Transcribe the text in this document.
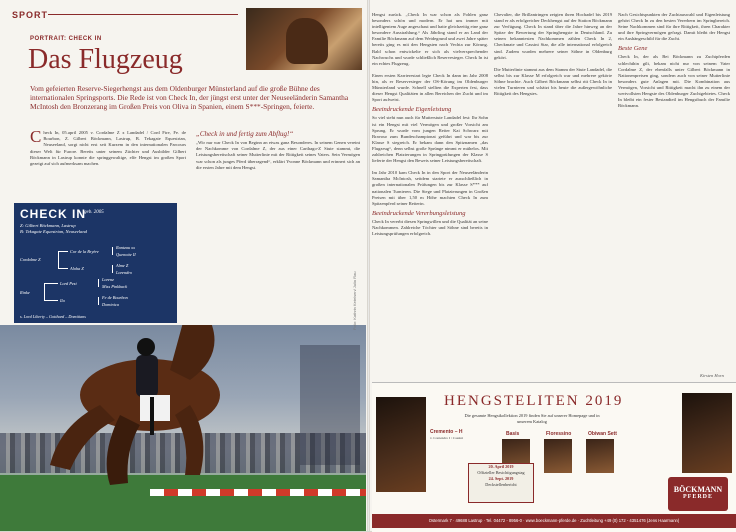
SPORT
PORTRAIT: CHECK IN
Das Flugzeug
Vom gefeierten Reserve-Siegerhengst aus dem Oldenburger Münsterland auf die große Bühne des internationalen Springsports. Die Rede ist von Check In, der jüngst erst unter der Neuseeländerin Samantha McIntosh den Bronzerang im Großen Preis von Oliva in Spanien, einem S***-Springen, feierte.
C heck In, 05.april 2005 v. Cordalme Z x Landadel / Cord Fire, Fe. de Bourbon, Z. Gilbert Böckmann, Lastrup, B. Tekagate Equestrian, Neuseeland, sorgt nicht erst seit Kurzem in den internationalen Parcours dieser Welt für Furore. Bereits unter seinem Züchter und Ausbilder Gilbert Böckmann in Lastrup konnte die springgewaltige, elfe Hengst im großen Sport gezeigt auf sich aufmerksam machen.
„Check in und fertig zum Abflug!“
„Wir nur war Check In von Beginn an etwas ganz Besonderes. In seinem Genen vereint der Nachkomme von Cordalme Z, der aus einer Carthago-Z Stute stammt, die Leistungsbereitschaft seiner Mutterlinie mit der Rittigkeit seines Vaters. Sein Vermögen war schon als junges Pferd überragend“, erklärt Yvonne Böckmann und erinnert sich an die ersten Jahre mit dem Hengst.
CHECK IN
geb. 2005
Z: Gilbert Böckmann, Lastrup
B: Tekagate Equestrian, Neuseeland
Cordalme Z
Cor de la Bryère
Rantzau xx
Quenotte II
Aloha Z
Alme Z
Lorendro
Rinke
Lord Pezi
Lorenz
Miss Pinkback
Ila
Fe de Bourbon
Dominica
s. Lord Liberty – Gotthard – Domitians	Foto: Kathrin Ketelsen/ Julia Rau
Hengst zurück. „Check In war schon als Fohlen ganz besonders schön und modern. Er hat uns immer mit intelligentem Auge angeschaut und hatte gleichzeitig eine ganz besondere Ausstrahlung.“ Als Jährling stand er an Land der Familie Böckmann auf dem Weidegrund und zwei Jahre später bereits ging es mit den Hengsten nach Vechta zur Körung. Bald schon entwickelte er sich als vielversprechender Nachwuchs und wurde schließlich Reservesieger. Check In ist ein echtes Flugzeug.

Einen ersten Karrierestart legte Check In dann im Jahr 2008 hin, als er Reservesieger der OS-Körung im Oldenburger Münsterland wurde. Schnell stellten die Experten fest, dass dieser Hengst Qualitäten in allen Bereichen der Zucht und im Sport aufweist.
Beeindruckende Eigenleistung
So viel steht nun auch für Mutterstute Landadel fest: Ihr Sohn ist ein Hengst mit viel Vermögen und großer Vorsicht am Sprung. Er wurde vom jungen Reiter Kai Schwarz mit Bravour zum Bundeschampionat geführt und war bis zur Klasse S siegreich. Er bekam dann den Spitznamen „das Flugzeug“, denn selbst große Sprünge nimmt er mühelos. Mit zahlreichen Platzierungen in Springprüfungen der Klasse S lieferte der Hengst den Beweis seiner Leistungsbereitschaft.

Im Jahr 2010 kam Check In in den Sport der Neuseeländerin Samantha McIntosh, seitdem startete er ausschließlich in großen internationalen Prüfungen bis zur Klasse S*** auf nationalen Turnieren. Die Siege und Platzierungen in Großen Preisen mit über 1,50 m Höhe machten Check In zum Spitzenpferd seiner Reiterin.
Beeindruckende Vererbungsleistung
Check In vererbt diesen Springwillen und die Qualität an seine Nachkommen. Zahlreiche Töchter und Söhne sind bereits in Leistungsprüfungen erfolgreich.
Chevalier, die Brillantringen zeigten ihren Hochadel bis 2019 stand er als erfolgreicher Deckhengst auf der Station Böckmann zur Verfügung. Check In stand über die Jahre hinweg an der Spitze der Bewertung der Springhengste in Deutschland. Zu seinen bekanntesten Nachkommen zählen Check In 2, Checkmate und Cassini Star, die alle international erfolgreich sind. Zudem wurden mehrere seiner Söhne in Oldenburg gekört.

Die Mutterlinie stammt aus dem Stamm der Stute Landadel, die selbst bis zur Klasse M erfolgreich war und mehrere gekörte Söhne brachte. Auch Gilbert Böckmann selbst ritt Check In in vielen Turnieren und schätzt bis heute die außergewöhnliche Rittigkeit des Hengstes.
Nach Gesichtspunkten der Zuchtauswahl und Eigenleistung gehört Check In zu den besten Vererbern im Springbereich. Seine Nachkommen sind für ihre Rittigkeit, ihren Charakter und ihre Springvermögen gefragt. Damit bleibt der Hengst ein Aushängeschild für die Zucht.
Beste Gene
Check In, der als Bei Böckmann zu Zuchtpferden schlechthin gilt, bekam nicht nur von seinem Vater Cordalme Z, der ebenfalls unter Gilbert Böckmann in Nationenpreisen ging, sondern auch von seiner Mutterlinie besonders gute Anlagen mit. Die Kombination aus Vermögen, Vorsicht und Rittigkeit macht ihn zu einem der wertvollsten Hengste des Oldenburger Zuchtgebietes. Check In bleibt ein fester Bestandteil im Hengstbuch der Familie Böckmann.
Kirsten Horn
HENGSTELITEN 2019
Die gesamte Hengstkollektion 2019 finden Sie auf unserer Homepage und in unserem Katalog
Cremento – H
v. Contendro I / Cassini
Basis	Floressino	Obiwan Sett
20. April 2019
Offizieller Besichtigungstag
24. Sept. 2019
Deckstellenbericht
BÖCKMANN
PFERDE
Ostermark 7 · 49688 Lastrup · Tel. 04472 - 8956-0 · www.boeckmann-pferde.de · Zuchtleitung +49 (0) 172 - 4351476 (Jens Haarmann)
